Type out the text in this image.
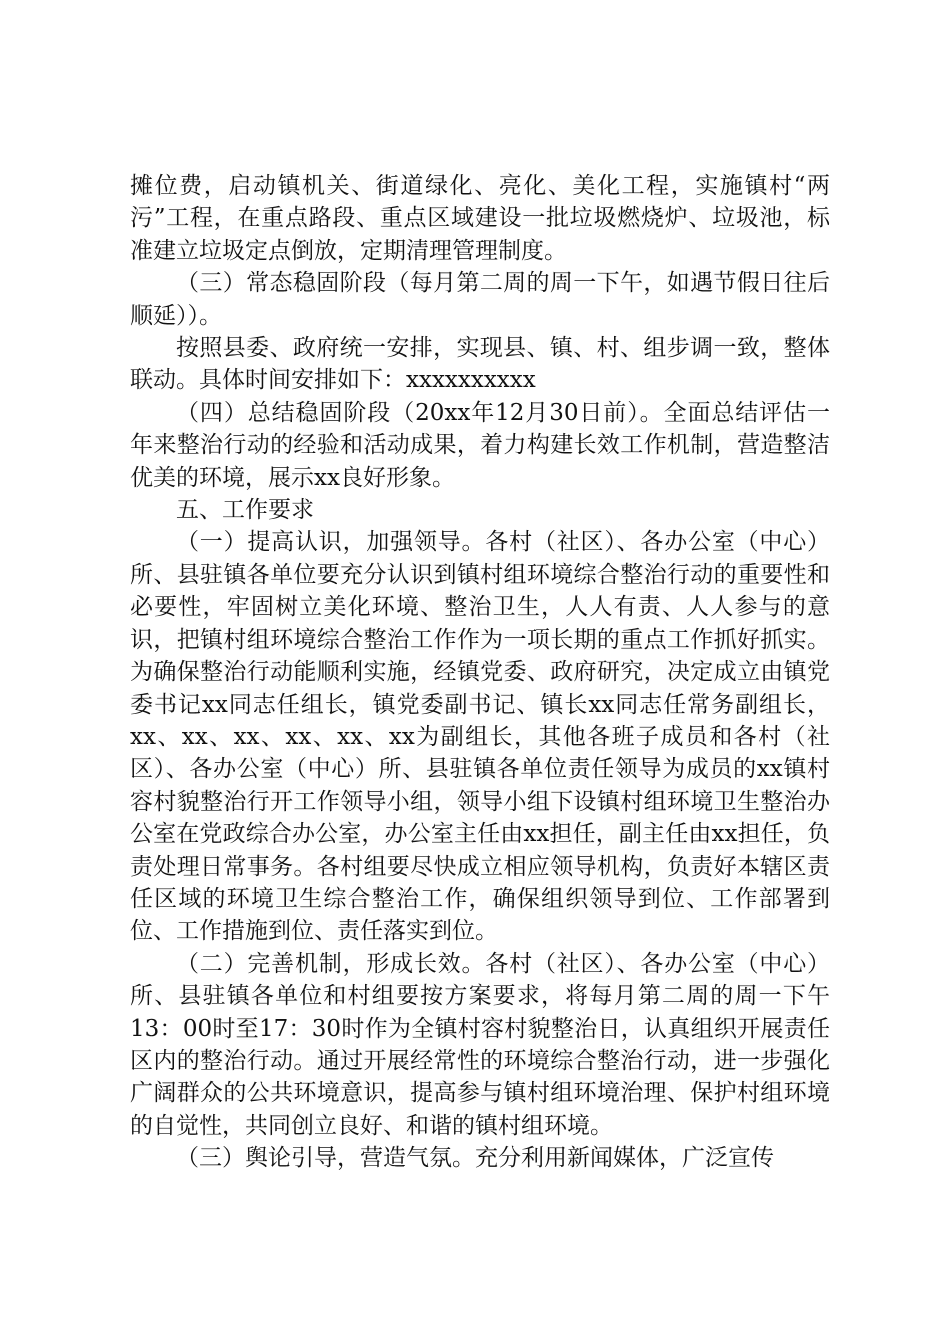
摊位费，启动镇机关、街道绿化、亮化、美化工程，实施镇村“两污”工程，在重点路段、重点区域建设一批垃圾燃烧炉、垃圾池，标准建立垃圾定点倒放，定期清理管理制度。

（三）常态稳固阶段（每月第二周的周一下午，如遇节假日往后顺延））。

按照县委、政府统一安排，实现县、镇、村、组步调一致，整体联动。具体时间安排如下：xxxxxxxxxx

（四）总结稳固阶段（20xx年12月30日前）。全面总结评估一年来整治行动的经验和活动成果，着力构建长效工作机制，营造整洁优美的环境，展示xx良好形象。

五、工作要求

（一）提高认识，加强领导。各村（社区）、各办公室（中心）所、县驻镇各单位要充分认识到镇村组环境综合整治行动的重要性和必要性，牢固树立美化环境、整治卫生，人人有责、人人参与的意识，把镇村组环境综合整治工作作为一项长期的重点工作抓好抓实。为确保整治行动能顺利实施，经镇党委、政府研究，决定成立由镇党委书记xx同志任组长，镇党委副书记、镇长xx同志任常务副组长，xx、xx、xx、xx、xx、xx为副组长，其他各班子成员和各村（社区）、各办公室（中心）所、县驻镇各单位责任领导为成员的xx镇村容村貌整治行开工作领导小组，领导小组下设镇村组环境卫生整治办公室在党政综合办公室，办公室主任由xx担任，副主任由xx担任，负责处理日常事务。各村组要尽快成立相应领导机构，负责好本辖区责任区域的环境卫生综合整治工作，确保组织领导到位、工作部署到位、工作措施到位、责任落实到位。

（二）完善机制，形成长效。各村（社区）、各办公室（中心）所、县驻镇各单位和村组要按方案要求，将每月第二周的周一下午13：00时至17：30时作为全镇村容村貌整治日，认真组织开展责任区内的整治行动。通过开展经常性的环境综合整治行动，进一步强化广阔群众的公共环境意识，提高参与镇村组环境治理、保护村组环境的自觉性，共同创立良好、和谐的镇村组环境。

（三）舆论引导，营造气氛。充分利用新闻媒体，广泛宣传
